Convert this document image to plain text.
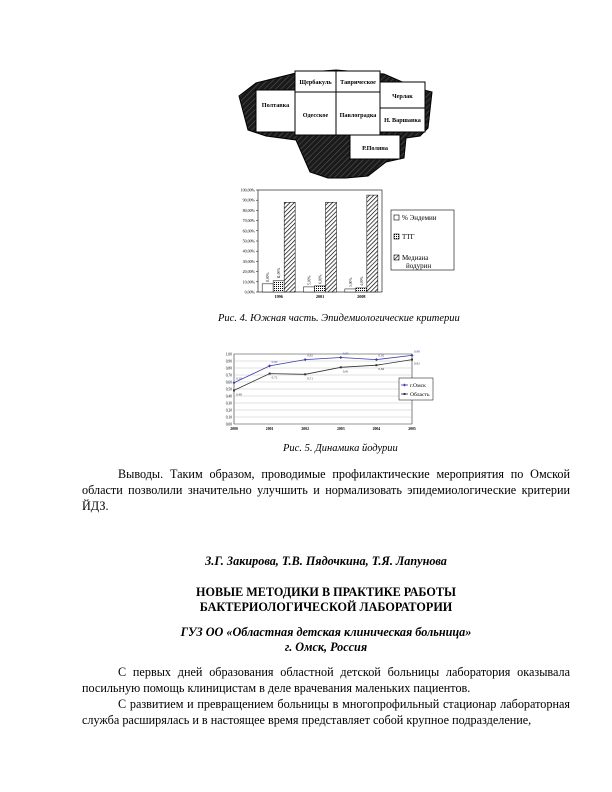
Щербакуль Таврическое
Полтавка
Одесское Павлоградка
Черлак
Н. Варшавка
Р.Поляна
0,00%
10,00%
20,00%
30,00%
40,00%
50,00%
60,00%
70,00%
80,00%
90,00%
100,00%
8,00% 11,00%
1996
5,00% 6,00%
2001
3,00% 4,00%
2008
% Эндемии
ТТГ
Медиана йодурин
Рис. 4. Южная часть. Эпидемиологические критерии
0,00
0,10
0,20
0,30
0,40
0,50
0,60
0,70
0,80
0,90
1,00
2000	2001	2002	2003	2004	2005
0,59
0,83
0,92
0,95
0,92
0,98
0,48
0,72	0,71
0,81
0,84
0,92
г.Омск
Область
Рис. 5. Динамика йодурии

Выводы. Таким образом, проводимые профилактические мероприятия по Омской области позволили значительно улучшить и нормализовать эпидемиологические критерии ЙДЗ.

З.Г. Закирова, Т.В. Пядочкина, Т.Я. Лапунова

НОВЫЕ МЕТОДИКИ В ПРАКТИКЕ РАБОТЫ БАКТЕРИОЛОГИЧЕСКОЙ ЛАБОРАТОРИИ

ГУЗ ОО «Областная детская клиническая больница»

г. Омск, Россия

С первых дней образования областной детской больницы лаборатория оказывала посильную помощь клиницистам в деле врачевания маленьких пациентов.

С развитием и превращением больницы в многопрофильный стационар лабораторная служба расширялась и в настоящее время представляет собой крупное подразделение,
